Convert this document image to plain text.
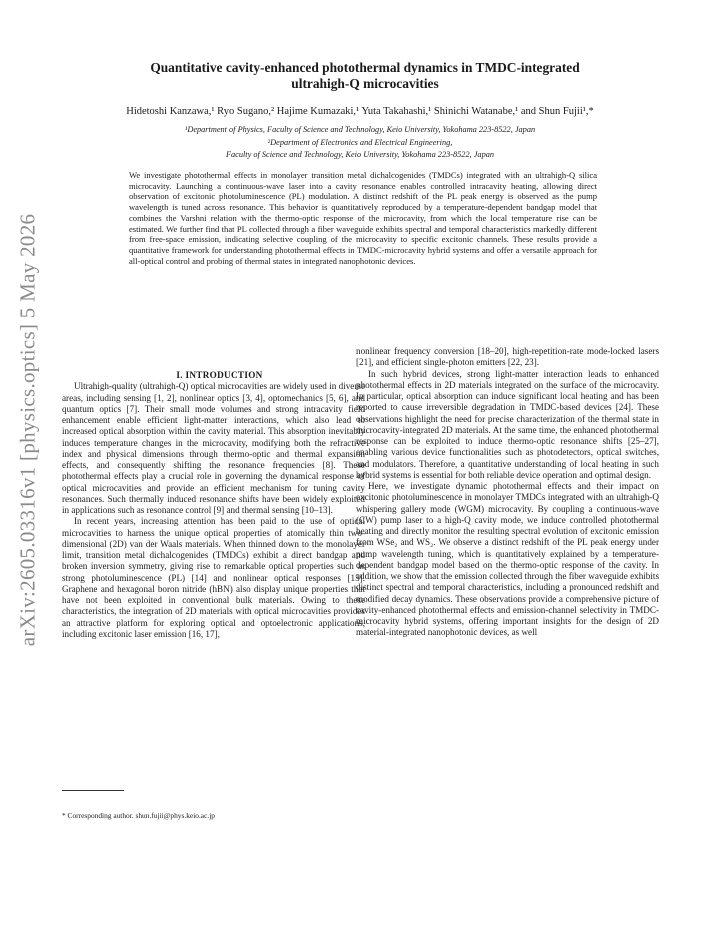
arXiv:2605.03316v1 [physics.optics] 5 May 2026
Quantitative cavity-enhanced photothermal dynamics in TMDC-integrated
ultrahigh-Q microcavities
Hidetoshi Kanzawa,¹ Ryo Sugano,² Hajime Kumazaki,¹ Yuta Takahashi,¹ Shinichi Watanabe,¹ and Shun Fujii¹,*
¹Department of Physics, Faculty of Science and Technology, Keio University, Yokohama 223-8522, Japan
²Department of Electronics and Electrical Engineering,
Faculty of Science and Technology, Keio University, Yokohama 223-8522, Japan
We investigate photothermal effects in monolayer transition metal dichalcogenides (TMDCs) integrated with an ultrahigh-Q silica microcavity. Launching a continuous-wave laser into a cavity resonance enables controlled intracavity heating, allowing direct observation of excitonic photoluminescence (PL) modulation. A distinct redshift of the PL peak energy is observed as the pump wavelength is tuned across resonance. This behavior is quantitatively reproduced by a temperature-dependent bandgap model that combines the Varshni relation with the thermo-optic response of the microcavity, from which the local temperature rise can be estimated. We further find that PL collected through a fiber waveguide exhibits spectral and temporal characteristics markedly different from free-space emission, indicating selective coupling of the microcavity to specific excitonic channels. These results provide a quantitative framework for understanding photothermal effects in TMDC-microcavity hybrid systems and offer a versatile approach for all-optical control and probing of thermal states in integrated nanophotonic devices.

I. INTRODUCTION

Ultrahigh-quality (ultrahigh-Q) optical microcavities are widely used in diverse areas, including sensing [1, 2], nonlinear optics [3, 4], optomechanics [5, 6], and quantum optics [7]. Their small mode volumes and strong intracavity field enhancement enable efficient light-matter interactions, which also lead to increased optical absorption within the cavity material. This absorption inevitably induces temperature changes in the microcavity, modifying both the refractive index and physical dimensions through thermo-optic and thermal expansion effects, and consequently shifting the resonance frequencies [8]. These photothermal effects play a crucial role in governing the dynamical response of optical microcavities and provide an efficient mechanism for tuning cavity resonances. Such thermally induced resonance shifts have been widely exploited in applications such as resonance control [9] and thermal sensing [10–13].

In recent years, increasing attention has been paid to the use of optical microcavities to harness the unique optical properties of atomically thin two-dimensional (2D) van der Waals materials. When thinned down to the monolayer limit, transition metal dichalcogenides (TMDCs) exhibit a direct bandgap and broken inversion symmetry, giving rise to remarkable optical properties such as strong photoluminescence (PL) [14] and nonlinear optical responses [15]. Graphene and hexagonal boron nitride (hBN) also display unique properties that have not been exploited in conventional bulk materials. Owing to these characteristics, the integration of 2D materials with optical microcavities provides an attractive platform for exploring optical and optoelectronic applications, including excitonic laser emission [16, 17],

nonlinear frequency conversion [18–20], high-repetition-rate mode-locked lasers [21], and efficient single-photon emitters [22, 23].

In such hybrid devices, strong light-matter interaction leads to enhanced photothermal effects in 2D materials integrated on the surface of the microcavity. In particular, optical absorption can induce significant local heating and has been reported to cause irreversible degradation in TMDC-based devices [24]. These observations highlight the need for precise characterization of the thermal state in microcavity-integrated 2D materials. At the same time, the enhanced photothermal response can be exploited to induce thermo-optic resonance shifts [25–27], enabling various device functionalities such as photodetectors, optical switches, and modulators. Therefore, a quantitative understanding of local heating in such hybrid systems is essential for both reliable device operation and optimal design.

Here, we investigate dynamic photothermal effects and their impact on excitonic photoluminescence in monolayer TMDCs integrated with an ultrahigh-Q whispering gallery mode (WGM) microcavity. By coupling a continuous-wave (CW) pump laser to a high-Q cavity mode, we induce controlled photothermal heating and directly monitor the resulting spectral evolution of excitonic emission from WSe₂ and WS₂. We observe a distinct redshift of the PL peak energy under pump wavelength tuning, which is quantitatively explained by a temperature-dependent bandgap model based on the thermo-optic response of the cavity. In addition, we show that the emission collected through the fiber waveguide exhibits distinct spectral and temporal characteristics, including a pronounced redshift and modified decay dynamics. These observations provide a comprehensive picture of cavity-enhanced photothermal effects and emission-channel selectivity in TMDC-microcavity hybrid systems, offering important insights for the design of 2D material-integrated nanophotonic devices, as well

* Corresponding author. shun.fujii@phys.keio.ac.jp
